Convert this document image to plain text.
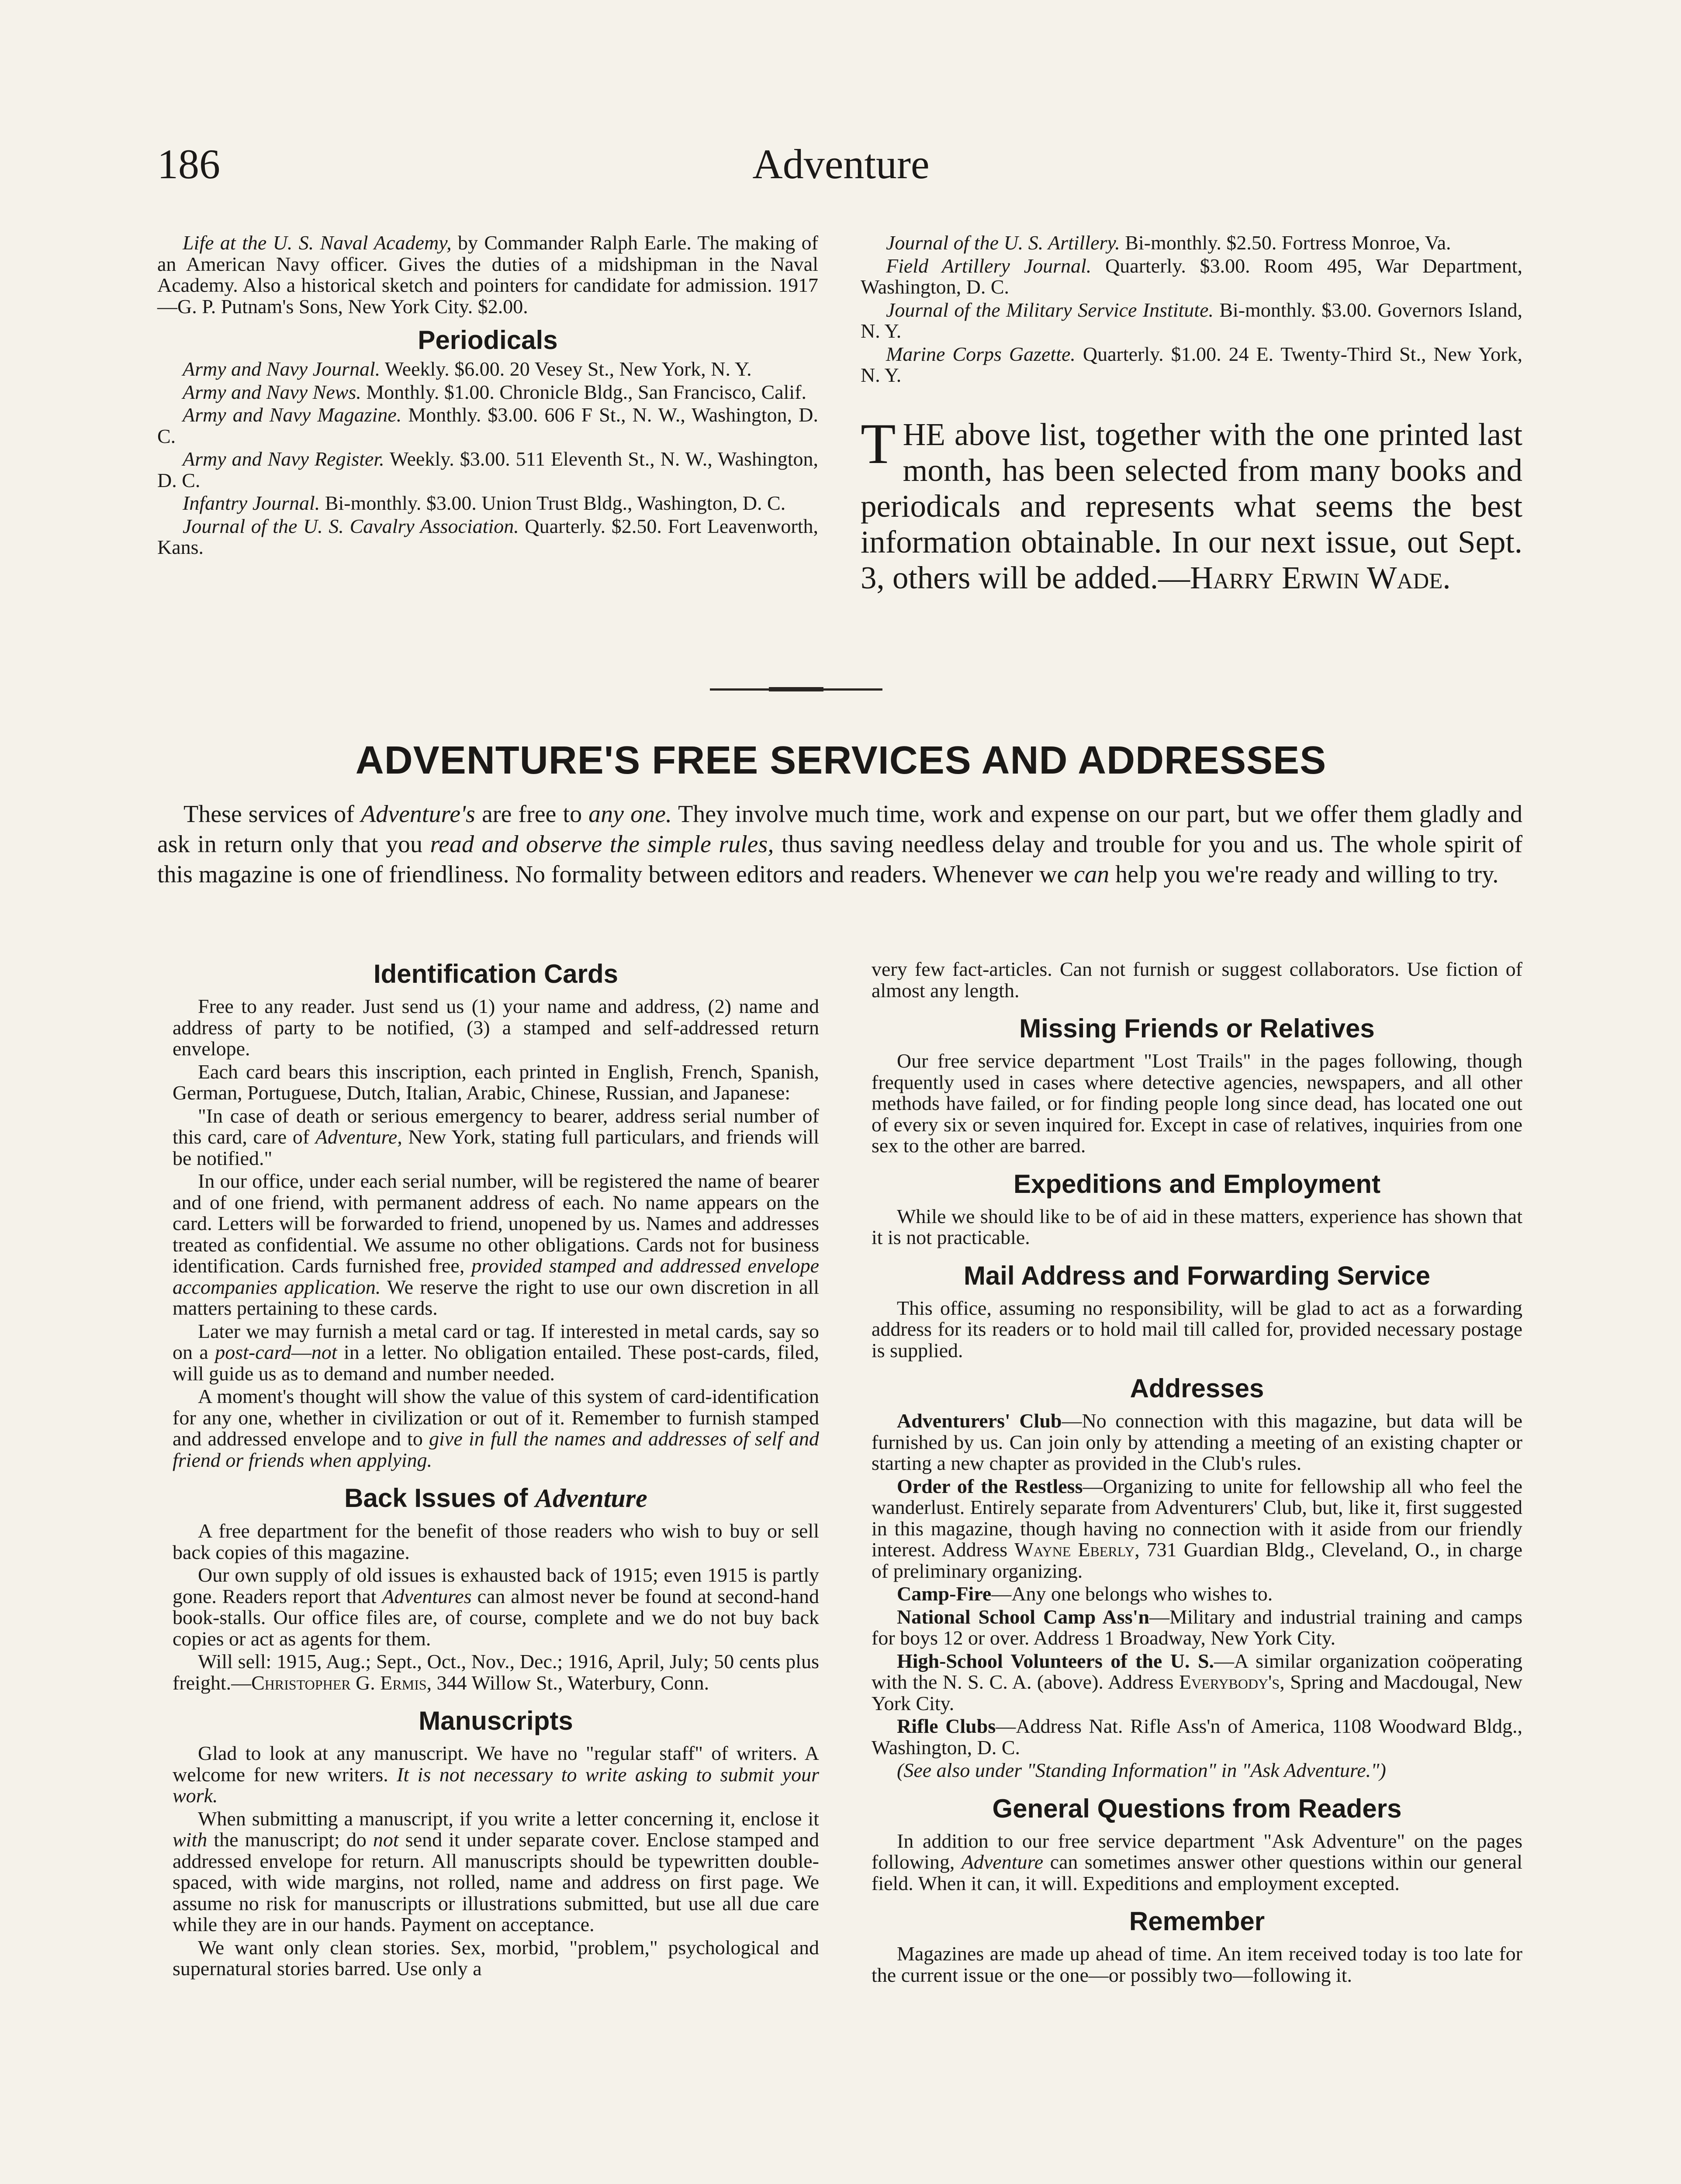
186	Adventure

Life at the U. S. Naval Academy, by Commander Ralph Earle. The making of an American Navy officer. Gives the duties of a midshipman in the Naval Academy. Also a historical sketch and pointers for candidate for admission. 1917—G. P. Putnam's Sons, New York City. $2.00.

Periodicals

Army and Navy Journal. Weekly. $6.00. 20 Vesey St., New York, N. Y.

Army and Navy News. Monthly. $1.00. Chronicle Bldg., San Francisco, Calif.

Army and Navy Magazine. Monthly. $3.00. 606 F St., N. W., Washington, D. C.

Army and Navy Register. Weekly. $3.00. 511 Eleventh St., N. W., Washington, D. C.

Infantry Journal. Bi-monthly. $3.00. Union Trust Bldg., Washington, D. C.

Journal of the U. S. Cavalry Association. Quarterly. $2.50. Fort Leavenworth, Kans.

Journal of the U. S. Artillery. Bi-monthly. $2.50. Fortress Monroe, Va.

Field Artillery Journal. Quarterly. $3.00. Room 495, War Department, Washington, D. C.

Journal of the Military Service Institute. Bi-monthly. $3.00. Governors Island, N. Y.

Marine Corps Gazette. Quarterly. $1.00. 24 E. Twenty-Third St., New York, N. Y.

THE above list, together with the one printed last month, has been selected from many books and periodicals and represents what seems the best information obtainable. In our next issue, out Sept. 3, others will be added.—Harry Erwin Wade.
ADVENTURE'S FREE SERVICES AND ADDRESSES
These services of Adventure's are free to any one. They involve much time, work and expense on our part, but we offer them gladly and ask in return only that you read and observe the simple rules, thus saving needless delay and trouble for you and us. The whole spirit of this magazine is one of friendliness. No formality between editors and readers. Whenever we can help you we're ready and willing to try.
Identification Cards

Free to any reader. Just send us (1) your name and address, (2) name and address of party to be notified, (3) a stamped and self-addressed return envelope.

Each card bears this inscription, each printed in English, French, Spanish, German, Portuguese, Dutch, Italian, Arabic, Chinese, Russian, and Japanese:

"In case of death or serious emergency to bearer, address serial number of this card, care of Adventure, New York, stating full particulars, and friends will be notified."

In our office, under each serial number, will be registered the name of bearer and of one friend, with permanent address of each. No name appears on the card. Letters will be forwarded to friend, unopened by us. Names and addresses treated as confidential. We assume no other obligations. Cards not for business identification. Cards furnished free, provided stamped and addressed envelope accompanies application. We reserve the right to use our own discretion in all matters pertaining to these cards.

Later we may furnish a metal card or tag. If interested in metal cards, say so on a post-card—not in a letter. No obligation entailed. These post-cards, filed, will guide us as to demand and number needed.

A moment's thought will show the value of this system of card-identification for any one, whether in civilization or out of it. Remember to furnish stamped and addressed envelope and to give in full the names and addresses of self and friend or friends when applying.

Back Issues of Adventure

A free department for the benefit of those readers who wish to buy or sell back copies of this magazine.

Our own supply of old issues is exhausted back of 1915; even 1915 is partly gone. Readers report that Adventures can almost never be found at second-hand book-stalls. Our office files are, of course, complete and we do not buy back copies or act as agents for them.

Will sell: 1915, Aug.; Sept., Oct., Nov., Dec.; 1916, April, July; 50 cents plus freight.—Christopher G. Ermis, 344 Willow St., Waterbury, Conn.

Manuscripts

Glad to look at any manuscript. We have no "regular staff" of writers. A welcome for new writers. It is not necessary to write asking to submit your work.

When submitting a manuscript, if you write a letter concerning it, enclose it with the manuscript; do not send it under separate cover. Enclose stamped and addressed envelope for return. All manuscripts should be typewritten double-spaced, with wide margins, not rolled, name and address on first page. We assume no risk for manuscripts or illustrations submitted, but use all due care while they are in our hands. Payment on acceptance.

We want only clean stories. Sex, morbid, "problem," psychological and supernatural stories barred. Use only a

very few fact-articles. Can not furnish or suggest collaborators. Use fiction of almost any length.

Missing Friends or Relatives

Our free service department "Lost Trails" in the pages following, though frequently used in cases where detective agencies, newspapers, and all other methods have failed, or for finding people long since dead, has located one out of every six or seven inquired for. Except in case of relatives, inquiries from one sex to the other are barred.

Expeditions and Employment

While we should like to be of aid in these matters, experience has shown that it is not practicable.

Mail Address and Forwarding Service

This office, assuming no responsibility, will be glad to act as a forwarding address for its readers or to hold mail till called for, provided necessary postage is supplied.

Addresses

Adventurers' Club—No connection with this magazine, but data will be furnished by us. Can join only by attending a meeting of an existing chapter or starting a new chapter as provided in the Club's rules.

Order of the Restless—Organizing to unite for fellowship all who feel the wanderlust. Entirely separate from Adventurers' Club, but, like it, first suggested in this magazine, though having no connection with it aside from our friendly interest. Address Wayne Eberly, 731 Guardian Bldg., Cleveland, O., in charge of preliminary organizing.

Camp-Fire—Any one belongs who wishes to.

National School Camp Ass'n—Military and industrial training and camps for boys 12 or over. Address 1 Broadway, New York City.

High-School Volunteers of the U. S.—A similar organization coöperating with the N. S. C. A. (above). Address Everybody's, Spring and Macdougal, New York City.

Rifle Clubs—Address Nat. Rifle Ass'n of America, 1108 Woodward Bldg., Washington, D. C.

(See also under "Standing Information" in "Ask Adventure.")

General Questions from Readers

In addition to our free service department "Ask Adventure" on the pages following, Adventure can sometimes answer other questions within our general field. When it can, it will. Expeditions and employment excepted.

Remember

Magazines are made up ahead of time. An item received today is too late for the current issue or the one—or possibly two—following it.
